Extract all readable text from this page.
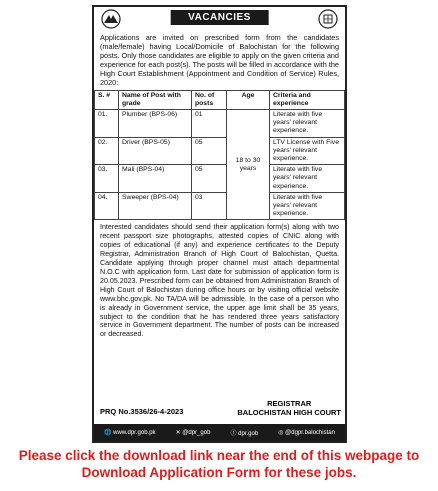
VACANCIES
Applications are invited on prescribed form from the candidates (male/female) having Local/Domicile of Balochistan for the following posts. Only those candidates are eligible to apply on the given criteria and experience for each post(s). The posts will be filled in accordance with the High Court Establishment (Appointment and Condition of Service) Rules, 2020:
S. #	Name of Post with grade	No. of posts	Age	Criteria and experience
01.	Plumber (BPS-06)	01	18 to 30 years	Literate with five years' relevant experience.
02.	Driver (BPS-05)	05		LTV License with Five years' relevant experience.
03.	Mali (BPS-04)	05		Literate with five years' relevant experience.
04.	Sweeper (BPS-04)	03		Literate with five years' relevant experience.
Interested candidates should send their application form(s) along with two recent passport size photographs, attested copies of CNIC along with copies of educational (if any) and experience certificates to the Deputy Registrar, Administration Branch of High Court of Balochistan, Quetta. Candidate applying through proper channel must attach departmental N.O.C with application form. Last date for submission of application form is 20.05.2023. Prescribed form can be obtained from Administration Branch of High Court of Balochistan during office hours or by visiting official website www.bhc.gov.pk. No TA/DA will be admissible. In the case of a person who is already in Government service, the upper age limit shall be 35 years, subject to the condition that he has rendered three years satisfactory service in Government department. The number of posts can be increased or decreased.
PRQ No.3536/26-4-2023
REGISTRAR
BALOCHISTAN HIGH COURT
🌐 www.dpr.gob.pk	✕ @dpr_gob	ⓕ dpr.gob	◎ @dgpr.balochistan
Please click the download link near the end of this webpage to Download Application Form for these jobs.
